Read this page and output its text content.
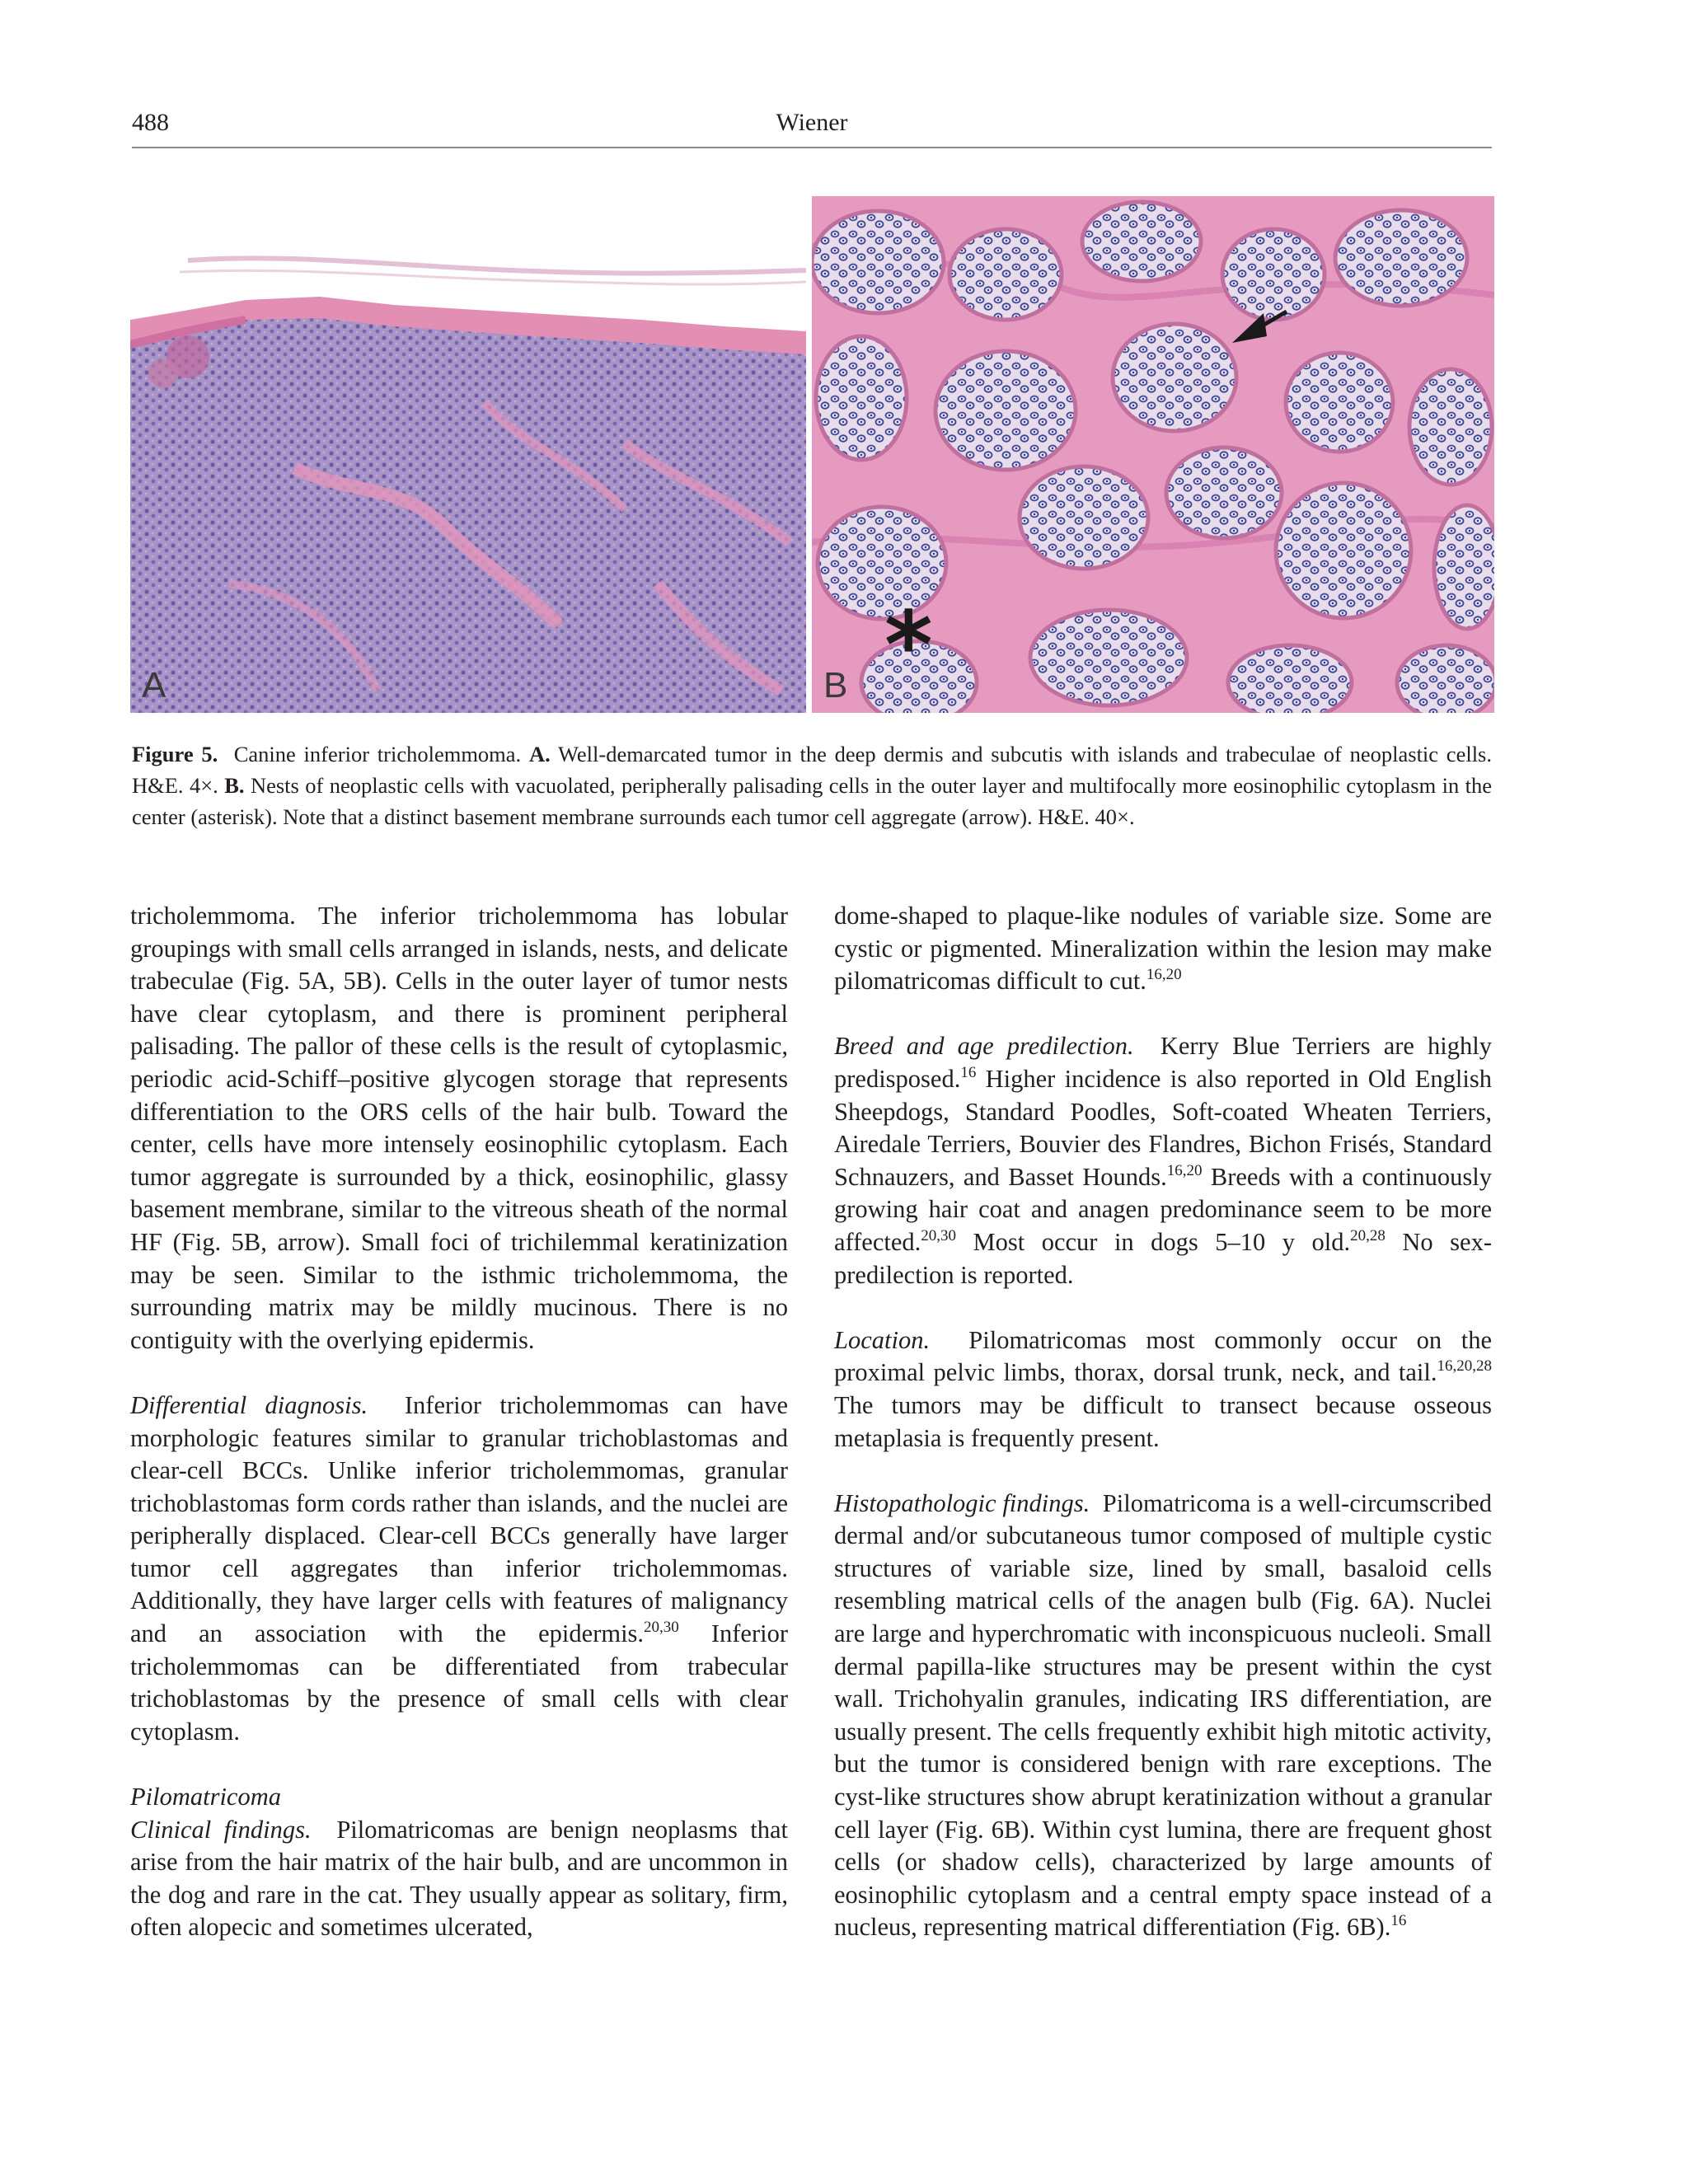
488	Wiener
A	*
B
Figure 5. Canine inferior tricholemmoma. A. Well-demarcated tumor in the deep dermis and subcutis with islands and trabeculae of neoplastic cells. H&E. 4×. B. Nests of neoplastic cells with vacuolated, peripherally palisading cells in the outer layer and multifocally more eosinophilic cytoplasm in the center (asterisk). Note that a distinct basement membrane surrounds each tumor cell aggregate (arrow). H&E. 40×.

tricholemmoma. The inferior tricholemmoma has lobular groupings with small cells arranged in islands, nests, and delicate trabeculae (Fig. 5A, 5B). Cells in the outer layer of tumor nests have clear cytoplasm, and there is prominent peripheral palisading. The pallor of these cells is the result of cytoplasmic, periodic acid-Schiff–positive glycogen storage that represents differentiation to the ORS cells of the hair bulb. Toward the center, cells have more intensely eosinophilic cytoplasm. Each tumor aggregate is surrounded by a thick, eosinophilic, glassy basement membrane, similar to the vitreous sheath of the normal HF (Fig. 5B, arrow). Small foci of trichilemmal keratinization may be seen. Similar to the isthmic tricholemmoma, the surrounding matrix may be mildly mucinous. There is no contiguity with the overlying epidermis.

Differential diagnosis. Inferior tricholemmomas can have morphologic features similar to granular trichoblastomas and clear-cell BCCs. Unlike inferior tricholemmomas, granular trichoblastomas form cords rather than islands, and the nuclei are peripherally displaced. Clear-cell BCCs generally have larger tumor cell aggregates than inferior tricholemmomas. Additionally, they have larger cells with features of malignancy and an association with the epidermis.$^{20,30}$ Inferior tricholemmomas can be differentiated from trabecular trichoblastomas by the presence of small cells with clear cytoplasm.

Pilomatricoma

Clinical findings. Pilomatricomas are benign neoplasms that arise from the hair matrix of the hair bulb, and are uncommon in the dog and rare in the cat. They usually appear as solitary, firm, often alopecic and sometimes ulcerated,

dome-shaped to plaque-like nodules of variable size. Some are cystic or pigmented. Mineralization within the lesion may make pilomatricomas difficult to cut.$^{16,20}$

Breed and age predilection. Kerry Blue Terriers are highly predisposed.$^{16}$ Higher incidence is also reported in Old English Sheepdogs, Standard Poodles, Soft-coated Wheaten Terriers, Airedale Terriers, Bouvier des Flandres, Bichon Frisés, Standard Schnauzers, and Basset Hounds.$^{16,20}$ Breeds with a continuously growing hair coat and anagen predominance seem to be more affected.$^{20,30}$ Most occur in dogs 5–10 y old.$^{20,28}$ No sex-predilection is reported.

Location. Pilomatricomas most commonly occur on the proximal pelvic limbs, thorax, dorsal trunk, neck, and tail.$^{16,20,28}$ The tumors may be difficult to transect because osseous metaplasia is frequently present.

Histopathologic findings. Pilomatricoma is a well-circumscribed dermal and/or subcutaneous tumor composed of multiple cystic structures of variable size, lined by small, basaloid cells resembling matrical cells of the anagen bulb (Fig. 6A). Nuclei are large and hyperchromatic with inconspicuous nucleoli. Small dermal papilla-like structures may be present within the cyst wall. Trichohyalin granules, indicating IRS differentiation, are usually present. The cells frequently exhibit high mitotic activity, but the tumor is considered benign with rare exceptions. The cyst-like structures show abrupt keratinization without a granular cell layer (Fig. 6B). Within cyst lumina, there are frequent ghost cells (or shadow cells), characterized by large amounts of eosinophilic cytoplasm and a central empty space instead of a nucleus, representing matrical differentiation (Fig. 6B).$^{16}$
